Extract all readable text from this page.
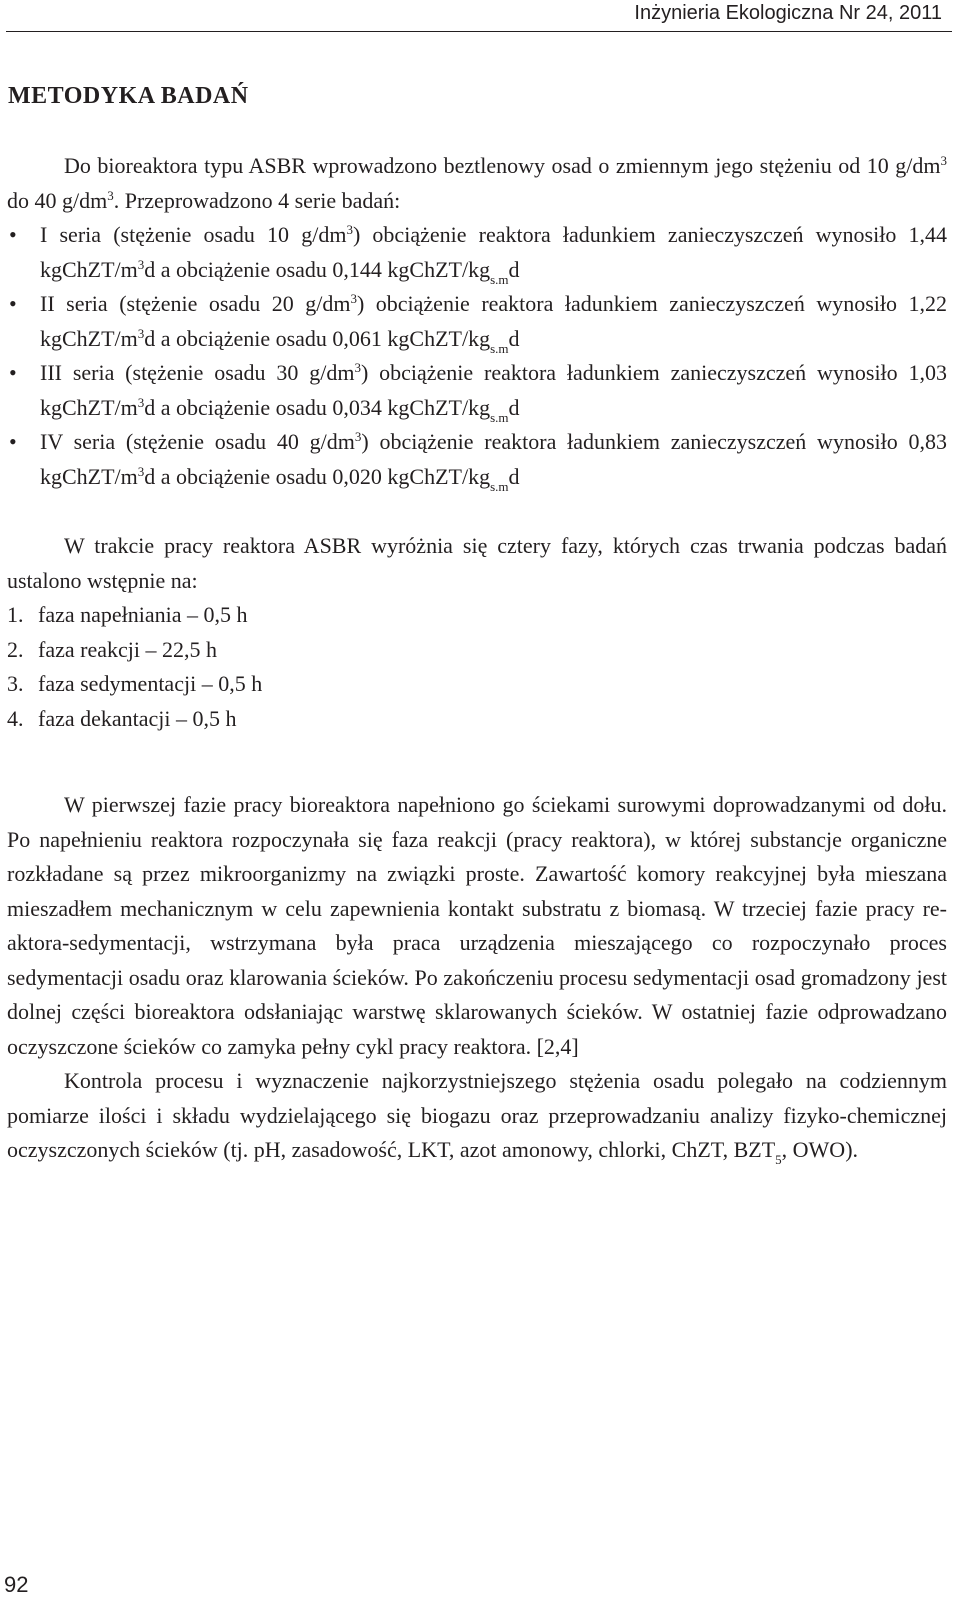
Inżynieria Ekologiczna Nr 24, 2011
METODYKA BADAŃ

Do bioreaktora typu ASBR wprowadzono beztlenowy osad o zmiennym jego stężeniu od 10 $g/dm^3$ do 40 $g/dm^3$. Przeprowadzono 4 serie badań:

• I seria (stężenie osadu 10 $g/dm^3$) obciążenie reaktora ładunkiem zanieczyszczeń wynosiło 1,44 kgChZT/$m^3d$ a obciążenie osadu 0,144 kgChZT/$kg_{s.m}d$
• II seria (stężenie osadu 20 $g/dm^3$) obciążenie reaktora ładunkiem zanieczyszczeń wynosiło 1,22 kgChZT/$m^3d$ a obciążenie osadu 0,061 kgChZT/$kg_{s.m}d$
• III seria (stężenie osadu 30 $g/dm^3$) obciążenie reaktora ładunkiem zanieczyszczeń wynosiło 1,03 kgChZT/$m^3d$ a obciążenie osadu 0,034 kgChZT/$kg_{s.m}d$
• IV seria (stężenie osadu 40 $g/dm^3$) obciążenie reaktora ładunkiem zanieczyszczeń wynosiło 0,83 kgChZT/$m^3d$ a obciążenie osadu 0,020 kgChZT/$kg_{s.m}d$

W trakcie pracy reaktora ASBR wyróżnia się cztery fazy, których czas trwania podczas badań ustalono wstępnie na:

1. faza napełniania – 0,5 h
2. faza reakcji – 22,5 h
3. faza sedymentacji – 0,5 h
4. faza dekantacji – 0,5 h

W pierwszej fazie pracy bioreaktora napełniono go ściekami surowymi doprowadzanymi od dołu. Po napełnieniu reaktora rozpoczynała się faza reakcji (pracy reaktora), w której substancje organiczne rozkładane są przez mikroorganizmy na związki proste. Zawartość komory reakcyjnej była mieszana mieszadłem mechanicznym w celu zapewnienia kontakt substratu z biomasą. W trzeciej fazie pracy reaktora-sedymentacji, wstrzymana była praca urządzenia mieszającego co rozpoczynało proces sedymentacji osadu oraz klarowania ścieków. Po zakończeniu procesu sedymentacji osad gromadzony jest dolnej części bioreaktora odsłaniając warstwę sklarowanych ścieków. W ostatniej fazie odprowadzano oczyszczone ścieków co zamyka pełny cykl pracy reaktora. [2,4]

Kontrola procesu i wyznaczenie najkorzystniejszego stężenia osadu polegało na codziennym pomiarze ilości i składu wydzielającego się biogazu oraz przeprowadzaniu analizy fizyko-chemicznej oczyszczonych ścieków (tj. pH, zasadowość, LKT, azot amonowy, chlorki, ChZT, $BZT_5$, OWO).

92
